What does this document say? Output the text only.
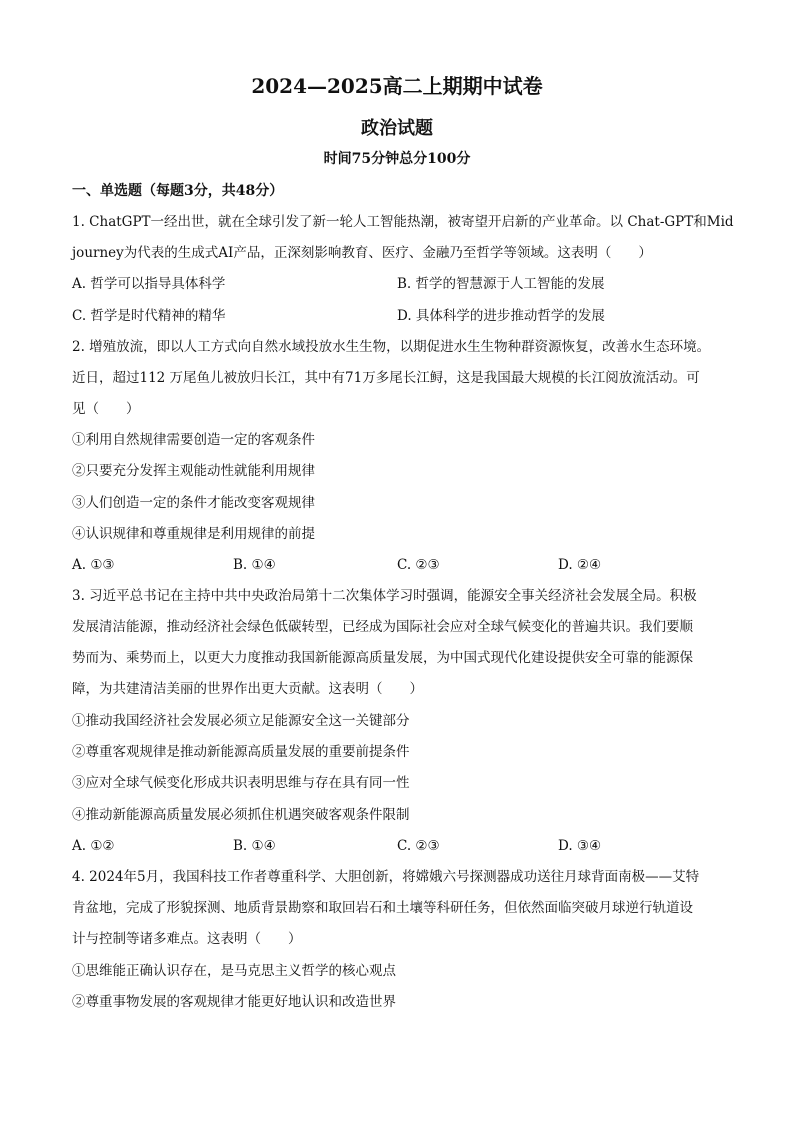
2024—2025高二上期期中试卷
政治试题
时间75分钟总分100分
一、单选题（每题3分，共48分）
1. ChatGPT一经出世，就在全球引发了新一轮人工智能热潮，被寄望开启新的产业革命。以 Chat-GPT和Mid
journey为代表的生成式AI产品，正深刻影响教育、医疗、金融乃至哲学等领域。这表明（　　）
A. 哲学可以指导具体科学	B. 哲学的智慧源于人工智能的发展
C. 哲学是时代精神的精华	D. 具体科学的进步推动哲学的发展
2. 增殖放流，即以人工方式向自然水域投放水生生物，以期促进水生生物种群资源恢复，改善水生态环境。
近日，超过112 万尾鱼儿被放归长江，其中有71万多尾长江鲟，这是我国最大规模的长江阅放流活动。可
见（　　）
①利用自然规律需要创造一定的客观条件
②只要充分发挥主观能动性就能利用规律
③人们创造一定的条件才能改变客观规律
④认识规律和尊重规律是利用规律的前提
A. ①③	B. ①④	C. ②③	D. ②④
3. 习近平总书记在主持中共中央政治局第十二次集体学习时强调，能源安全事关经济社会发展全局。积极
发展清洁能源，推动经济社会绿色低碳转型，已经成为国际社会应对全球气候变化的普遍共识。我们要顺
势而为、乘势而上，以更大力度推动我国新能源高质量发展，为中国式现代化建设提供安全可靠的能源保
障，为共建清洁美丽的世界作出更大贡献。这表明（　　）
①推动我国经济社会发展必须立足能源安全这一关键部分
②尊重客观规律是推动新能源高质量发展的重要前提条件
③应对全球气候变化形成共识表明思维与存在具有同一性
④推动新能源高质量发展必须抓住机遇突破客观条件限制
A. ①②	B. ①④	C. ②③	D. ③④
4. 2024年5月，我国科技工作者尊重科学、大胆创新，将嫦娥六号探测器成功送往月球背面南极——艾特
肯盆地，完成了形貌探测、地质背景勘察和取回岩石和土壤等科研任务，但依然面临突破月球逆行轨道设
计与控制等诸多难点。这表明（　　）
①思维能正确认识存在，是马克思主义哲学的核心观点
②尊重事物发展的客观规律才能更好地认识和改造世界
